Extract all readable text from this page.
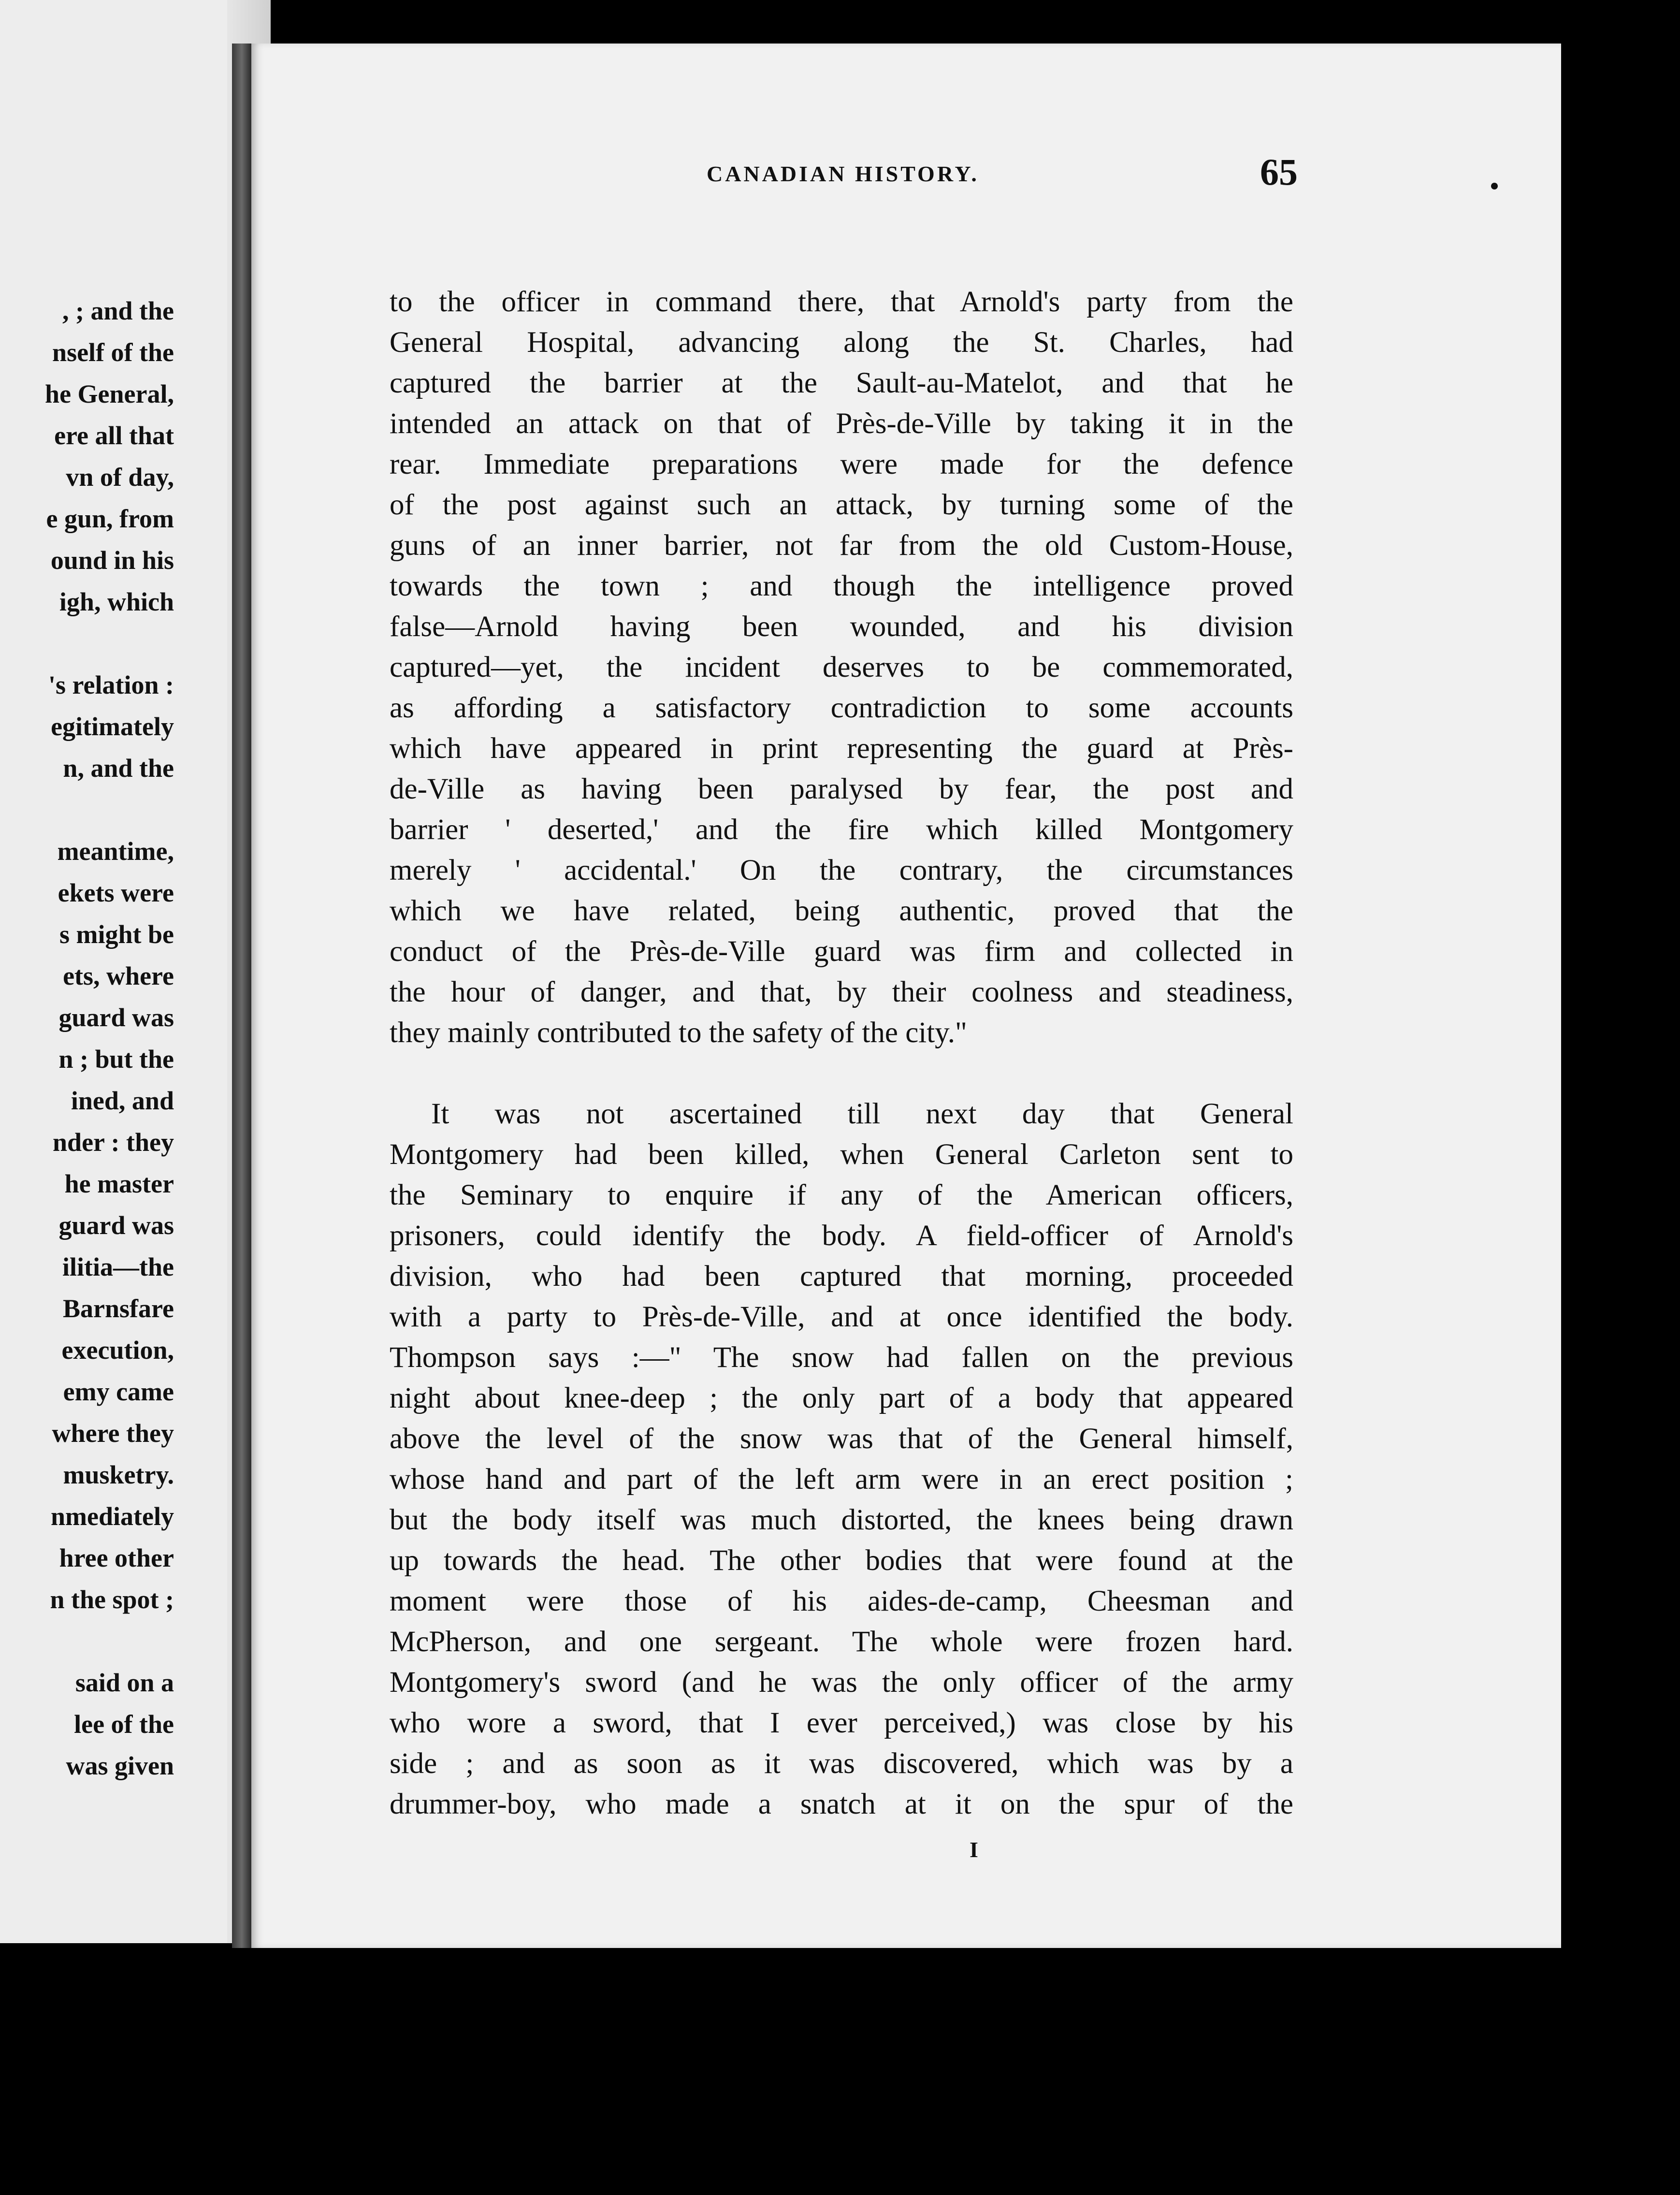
, ; and the
nself of the
he General,
ere all that
vn of day,
e gun, from
ound in his
igh, which
's relation :
egitimately
n, and the
meantime,
ekets were
s might be
ets, where
guard was
n ; but the
ined, and
nder : they
he master
guard was
ilitia—the
Barnsfare
execution,
emy came
where they
musketry.
nmediately
hree other
n the spot ;
said on a
lee of the
was given
CANADIAN HISTORY.	65
to the officer in command there, that Arnold's party from the
General Hospital, advancing along the St. Charles, had
captured the barrier at the Sault-au-Matelot, and that he
intended an attack on that of Près-de-Ville by taking it in the
rear. Immediate preparations were made for the defence
of the post against such an attack, by turning some of the
guns of an inner barrier, not far from the old Custom-House,
towards the town ; and though the intelligence proved
false—Arnold having been wounded, and his division
captured—yet, the incident deserves to be commemorated,
as affording a satisfactory contradiction to some accounts
which have appeared in print representing the guard at Près-
de-Ville as having been paralysed by fear, the post and
barrier ' deserted,' and the fire which killed Montgomery
merely ' accidental.' On the contrary, the circumstances
which we have related, being authentic, proved that the
conduct of the Près-de-Ville guard was firm and collected in
the hour of danger, and that, by their coolness and steadiness,
they mainly contributed to the safety of the city."
It was not ascertained till next day that General
Montgomery had been killed, when General Carleton sent to
the Seminary to enquire if any of the American officers,
prisoners, could identify the body. A field-officer of Arnold's
division, who had been captured that morning, proceeded
with a party to Près-de-Ville, and at once identified the body.
Thompson says :—" The snow had fallen on the previous
night about knee-deep ; the only part of a body that appeared
above the level of the snow was that of the General himself,
whose hand and part of the left arm were in an erect position ;
but the body itself was much distorted, the knees being drawn
up towards the head. The other bodies that were found at the
moment were those of his aides-de-camp, Cheesman and
McPherson, and one sergeant. The whole were frozen hard.
Montgomery's sword (and he was the only officer of the army
who wore a sword, that I ever perceived,) was close by his
side ; and as soon as it was discovered, which was by a
drummer-boy, who made a snatch at it on the spur of the
I
